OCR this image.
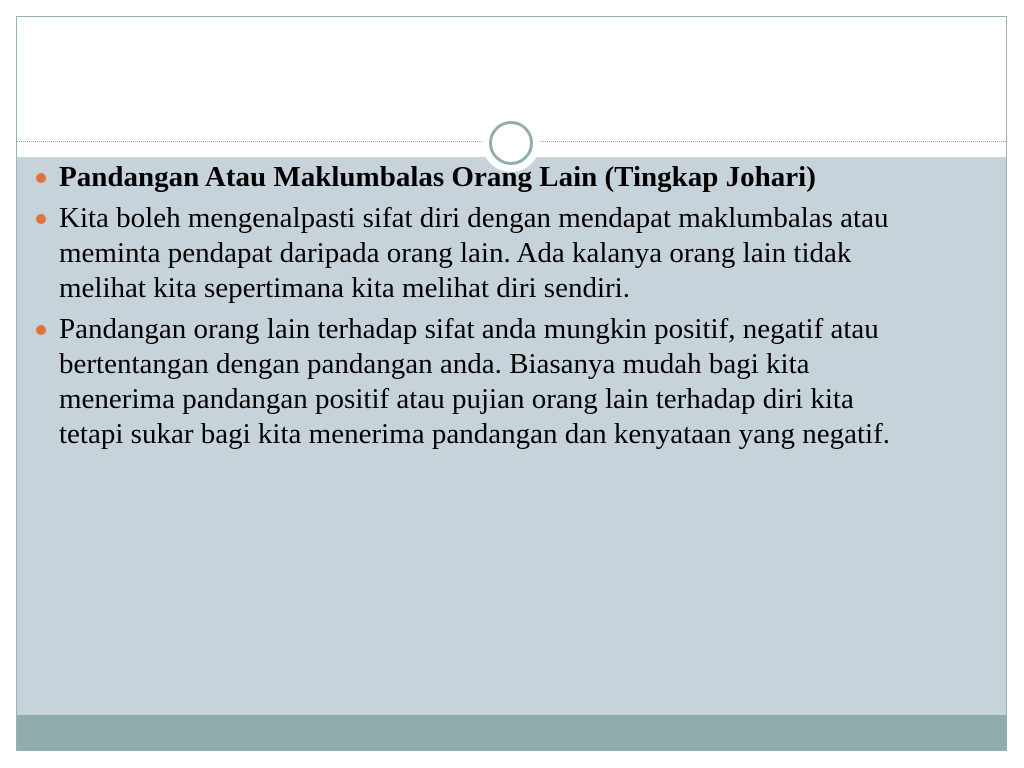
Pandangan Atau Maklumbalas Orang Lain (Tingkap Johari)
Kita boleh mengenalpasti sifat diri dengan mendapat maklumbalas atau meminta pendapat daripada orang lain. Ada kalanya orang lain tidak melihat kita sepertimana kita melihat diri sendiri.
Pandangan orang lain terhadap sifat anda mungkin positif, negatif atau bertentangan dengan pandangan anda. Biasanya mudah bagi kita menerima pandangan positif atau pujian orang lain terhadap diri kita tetapi sukar bagi kita menerima pandangan dan kenyataan yang negatif.
